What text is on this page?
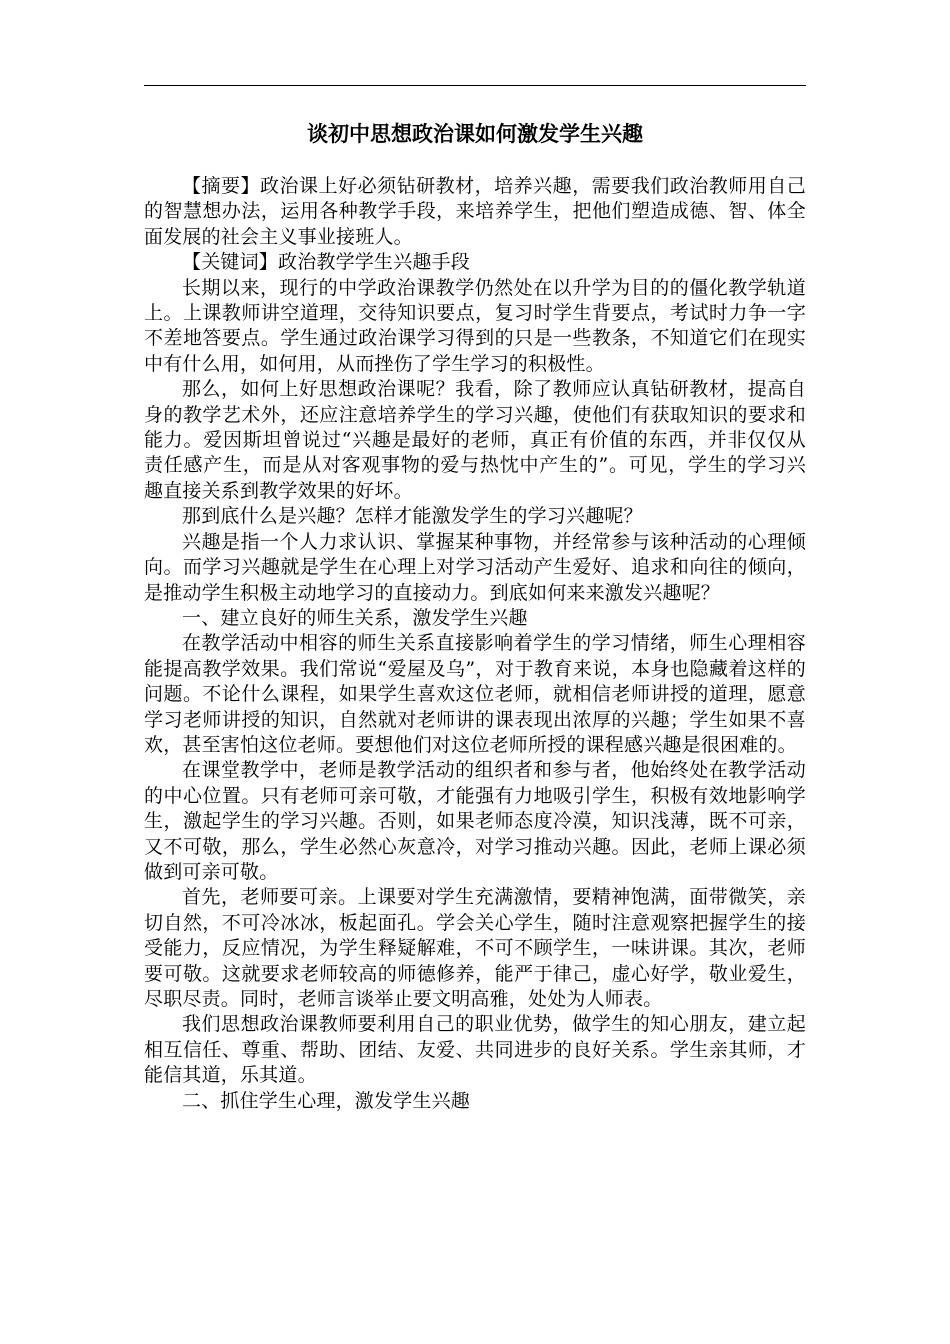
谈初中思想政治课如何激发学生兴趣

【摘要】政治课上好必须钻研教材，培养兴趣，需要我们政治教师用自己的智慧想办法，运用各种教学手段，来培养学生，把他们塑造成德、智、体全面发展的社会主义事业接班人。

【关键词】政治教学学生兴趣手段

长期以来，现行的中学政治课教学仍然处在以升学为目的的僵化教学轨道上。上课教师讲空道理，交待知识要点，复习时学生背要点，考试时力争一字不差地答要点。学生通过政治课学习得到的只是一些教条，不知道它们在现实中有什么用，如何用，从而挫伤了学生学习的积极性。

那么，如何上好思想政治课呢？我看，除了教师应认真钻研教材，提高自身的教学艺术外，还应注意培养学生的学习兴趣，使他们有获取知识的要求和能力。爱因斯坦曾说过“兴趣是最好的老师，真正有价值的东西，并非仅仅从责任感产生，而是从对客观事物的爱与热忱中产生的”。可见，学生的学习兴趣直接关系到教学效果的好坏。

那到底什么是兴趣？怎样才能激发学生的学习兴趣呢？

兴趣是指一个人力求认识、掌握某种事物，并经常参与该种活动的心理倾向。而学习兴趣就是学生在心理上对学习活动产生爱好、追求和向往的倾向，是推动学生积极主动地学习的直接动力。到底如何来来激发兴趣呢？

一、建立良好的师生关系，激发学生兴趣

在教学活动中相容的师生关系直接影响着学生的学习情绪，师生心理相容能提高教学效果。我们常说“爱屋及乌”，对于教育来说，本身也隐藏着这样的问题。不论什么课程，如果学生喜欢这位老师，就相信老师讲授的道理，愿意学习老师讲授的知识，自然就对老师讲的课表现出浓厚的兴趣；学生如果不喜欢，甚至害怕这位老师。要想他们对这位老师所授的课程感兴趣是很困难的。

在课堂教学中，老师是教学活动的组织者和参与者，他始终处在教学活动的中心位置。只有老师可亲可敬，才能强有力地吸引学生，积极有效地影响学生，激起学生的学习兴趣。否则，如果老师态度冷漠，知识浅薄，既不可亲，又不可敬，那么，学生必然心灰意冷，对学习推动兴趣。因此，老师上课必须做到可亲可敬。

首先，老师要可亲。上课要对学生充满激情，要精神饱满，面带微笑，亲切自然，不可冷冰冰，板起面孔。学会关心学生，随时注意观察把握学生的接受能力，反应情况，为学生释疑解难，不可不顾学生，一味讲课。其次，老师要可敬。这就要求老师较高的师德修养，能严于律己，虚心好学，敬业爱生，尽职尽责。同时，老师言谈举止要文明高雅，处处为人师表。

我们思想政治课教师要利用自己的职业优势，做学生的知心朋友，建立起相互信任、尊重、帮助、团结、友爱、共同进步的良好关系。学生亲其师，才能信其道，乐其道。

二、抓住学生心理，激发学生兴趣
